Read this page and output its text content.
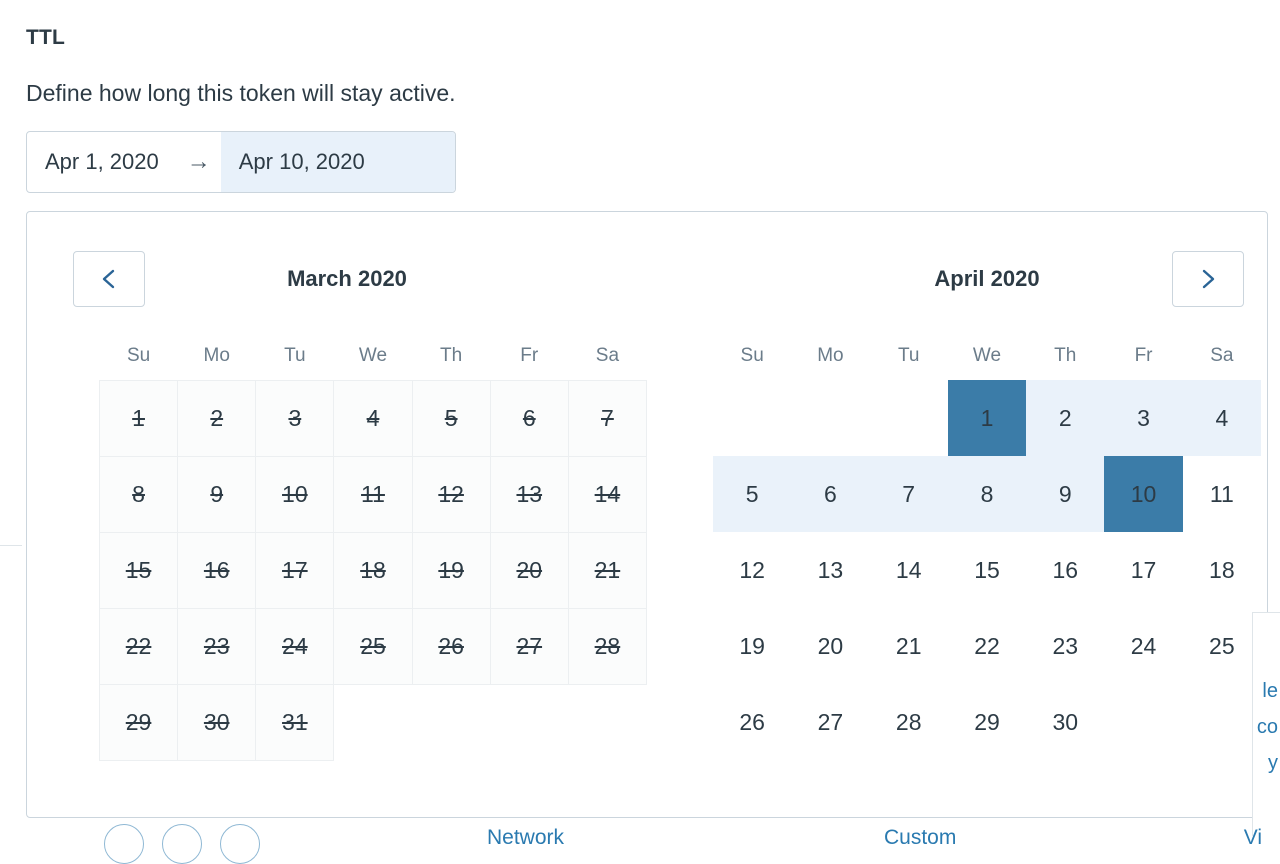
TTL
Define how long this token will stay active.
Apr 1, 2020	→	Apr 10, 2020
March 2020
Su	Mo	Tu	We	Th	Fr	Sa
1	2	3	4	5	6	7
8	9	10	11	12	13	14
15	16	17	18	19	20	21
22	23	24	25	26	27	28
29	30	31				
April 2020
Su	Mo	Tu	We	Th	Fr	Sa
			1	2	3	4
5	6	7	8	9	10	11
12	13	14	15	16	17	18
19	20	21	22	23	24	25
26	27	28	29	30		
le
co
y
Network	Custom	Vi
